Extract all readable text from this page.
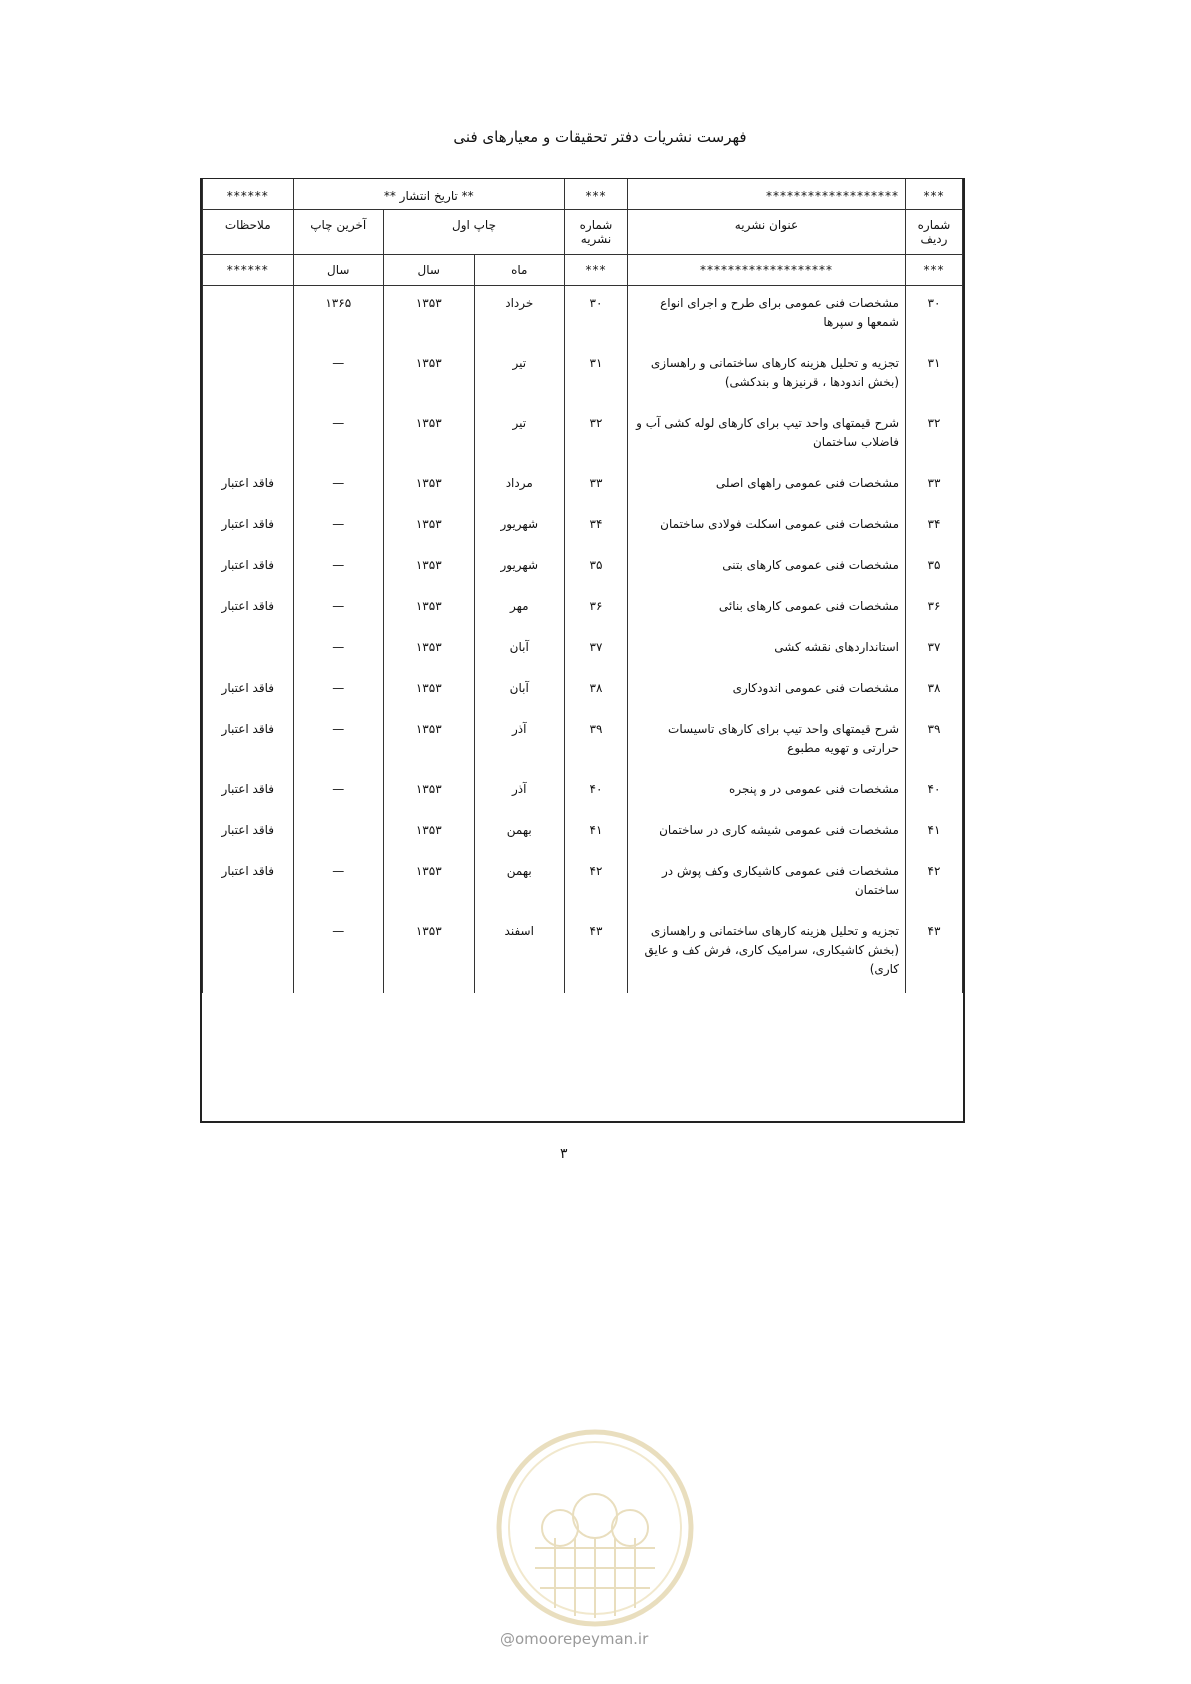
فهرست نشریات دفتر تحقیقات و معیارهای فنی
***	*******************	***	** تاریخ انتشار **			******
شماره ردیف	عنوان نشریه	شماره نشریه	چاپ اول		آخرین چاپ	ملاحظات

***	*******************	***	ماه	سال	سال	******
۳۰	مشخصات فنی عمومی برای طرح و اجرای انواع شمعها و سپرها	۳۰	خرداد	۱۳۵۳	۱۳۶۵	
۳۱	تجزیه و تحلیل هزینه کارهای ساختمانی و راهسازی (بخش اندودها ، قرنیزها و بندکشی)	۳۱	تیر	۱۳۵۳	—	
۳۲	شرح قیمتهای واحد تیپ برای کارهای لوله کشی آب و فاضلاب ساختمان	۳۲	تیر	۱۳۵۳	—	
۳۳	مشخصات فنی عمومی راههای اصلی	۳۳	مرداد	۱۳۵۳	—	فاقد اعتبار
۳۴	مشخصات فنی عمومی اسکلت فولادی ساختمان	۳۴	شهریور	۱۳۵۳	—	فاقد اعتبار
۳۵	مشخصات فنی عمومی کارهای بتنی	۳۵	شهریور	۱۳۵۳	—	فاقد اعتبار
۳۶	مشخصات فنی عمومی کارهای بنائی	۳۶	مهر	۱۳۵۳	—	فاقد اعتبار
۳۷	استانداردهای نقشه کشی	۳۷	آبان	۱۳۵۳	—	
۳۸	مشخصات فنی عمومی اندودکاری	۳۸	آبان	۱۳۵۳	—	فاقد اعتبار
۳۹	شرح قیمتهای واحد تیپ برای کارهای تاسیسات حرارتی و تهویه مطبوع	۳۹	آذر	۱۳۵۳	—	فاقد اعتبار
۴۰	مشخصات فنی عمومی در و پنجره	۴۰	آذر	۱۳۵۳	—	فاقد اعتبار
۴۱	مشخصات فنی عمومی شیشه کاری در ساختمان	۴۱	بهمن	۱۳۵۳		فاقد اعتبار
۴۲	مشخصات فنی عمومی کاشیکاری وکف پوش در ساختمان	۴۲	بهمن	۱۳۵۳	—	فاقد اعتبار
۴۳	تجزیه و تحلیل هزینه کارهای ساختمانی و راهسازی (بخش کاشیکاری، سرامیک کاری، فرش کف و عایق کاری)	۴۳	اسفند	۱۳۵۳	—	
۳
@omoorepeyman.ir
